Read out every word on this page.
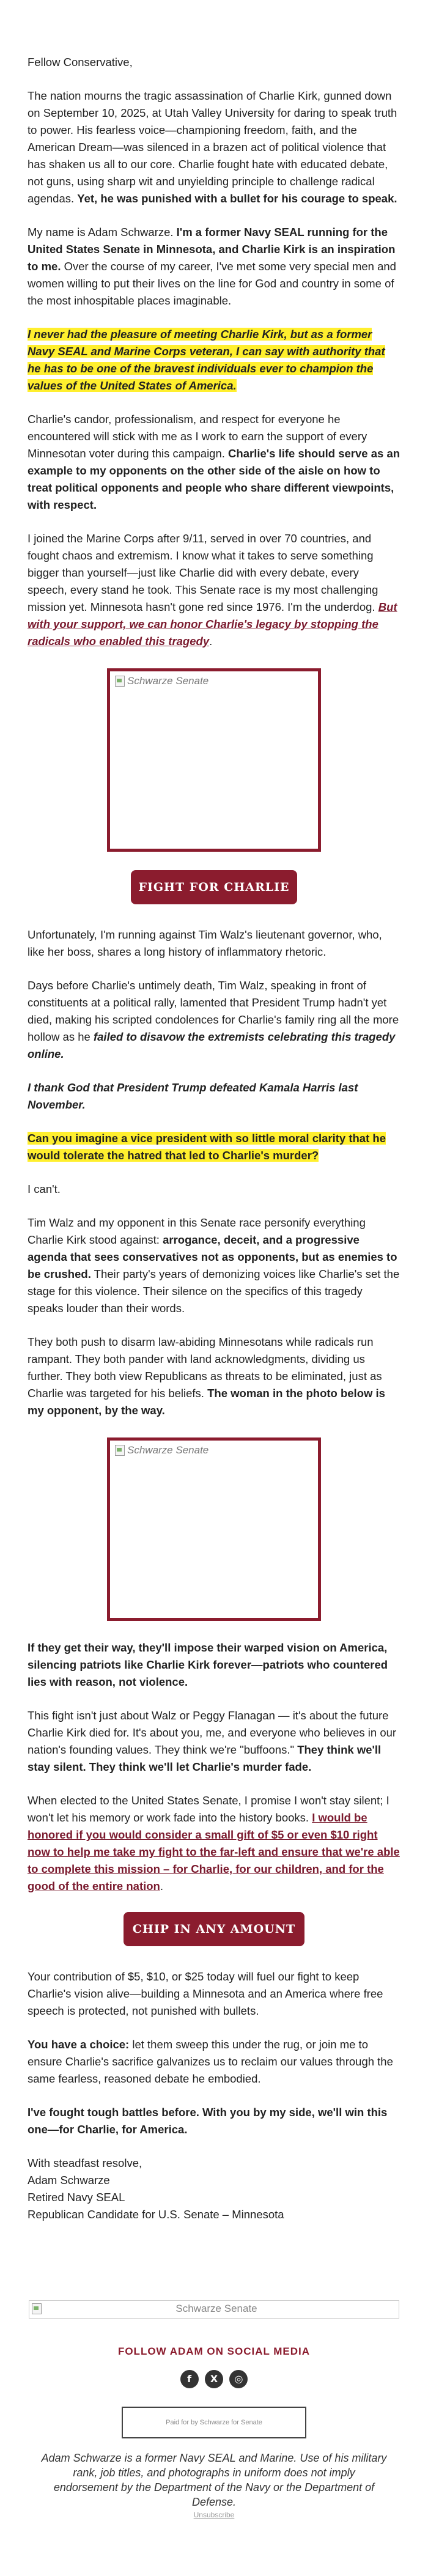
Fellow Conservative,

The nation mourns the tragic assassination of Charlie Kirk, gunned down on September 10, 2025, at Utah Valley University for daring to speak truth to power. His fearless voice—championing freedom, faith, and the American Dream—was silenced in a brazen act of political violence that has shaken us all to our core. Charlie fought hate with educated debate, not guns, using sharp wit and unyielding principle to challenge radical agendas. Yet, he was punished with a bullet for his courage to speak.

My name is Adam Schwarze. I'm a former Navy SEAL running for the United States Senate in Minnesota, and Charlie Kirk is an inspiration to me. Over the course of my career, I've met some very special men and women willing to put their lives on the line for God and country in some of the most inhospitable places imaginable.

I never had the pleasure of meeting Charlie Kirk, but as a former Navy SEAL and Marine Corps veteran, I can say with authority that he has to be one of the bravest individuals ever to champion the values of the United States of America.

Charlie's candor, professionalism, and respect for everyone he encountered will stick with me as I work to earn the support of every Minnesotan voter during this campaign. Charlie's life should serve as an example to my opponents on the other side of the aisle on how to treat political opponents and people who share different viewpoints, with respect.

I joined the Marine Corps after 9/11, served in over 70 countries, and fought chaos and extremism. I know what it takes to serve something bigger than yourself—just like Charlie did with every debate, every speech, every stand he took. This Senate race is my most challenging mission yet. Minnesota hasn't gone red since 1976. I'm the underdog. But with your support, we can honor Charlie's legacy by stopping the radicals who enabled this tragedy.

Schwarze Senate
FIGHT FOR CHARLIE

Unfortunately, I'm running against Tim Walz's lieutenant governor, who, like her boss, shares a long history of inflammatory rhetoric.

Days before Charlie's untimely death, Tim Walz, speaking in front of constituents at a political rally, lamented that President Trump hadn't yet died, making his scripted condolences for Charlie's family ring all the more hollow as he failed to disavow the extremists celebrating this tragedy online.

I thank God that President Trump defeated Kamala Harris last November.

Can you imagine a vice president with so little moral clarity that he would tolerate the hatred that led to Charlie's murder?

I can't.

Tim Walz and my opponent in this Senate race personify everything Charlie Kirk stood against: arrogance, deceit, and a progressive agenda that sees conservatives not as opponents, but as enemies to be crushed. Their party's years of demonizing voices like Charlie's set the stage for this violence. Their silence on the specifics of this tragedy speaks louder than their words.

They both push to disarm law-abiding Minnesotans while radicals run rampant. They both pander with land acknowledgments, dividing us further. They both view Republicans as threats to be eliminated, just as Charlie was targeted for his beliefs. The woman in the photo below is my opponent, by the way.

Schwarze Senate

If they get their way, they'll impose their warped vision on America, silencing patriots like Charlie Kirk forever—patriots who countered lies with reason, not violence.

This fight isn't just about Walz or Peggy Flanagan — it's about the future Charlie Kirk died for. It's about you, me, and everyone who believes in our nation's founding values. They think we're "buffoons." They think we'll stay silent. They think we'll let Charlie's murder fade.

When elected to the United States Senate, I promise I won't stay silent; I won't let his memory or work fade into the history books. I would be honored if you would consider a small gift of $5 or even $10 right now to help me take my fight to the far-left and ensure that we're able to complete this mission – for Charlie, for our children, and for the good of the entire nation.

CHIP IN ANY AMOUNT

Your contribution of $5, $10, or $25 today will fuel our fight to keep Charlie's vision alive—building a Minnesota and an America where free speech is protected, not punished with bullets.

You have a choice: let them sweep this under the rug, or join me to ensure Charlie's sacrifice galvanizes us to reclaim our values through the same fearless, reasoned debate he embodied.

I've fought tough battles before. With you by my side, we'll win this one—for Charlie, for America.

With steadfast resolve,

Adam Schwarze

Retired Navy SEAL

Republican Candidate for U.S. Senate – Minnesota

Schwarze Senate
FOLLOW ADAM ON SOCIAL MEDIA
f X ◎
Paid for by Schwarze for Senate
Adam Schwarze is a former Navy SEAL and Marine. Use of his military rank, job titles, and photographs in uniform does not imply endorsement by the Department of the Navy or the Department of Defense.
Unsubscribe
